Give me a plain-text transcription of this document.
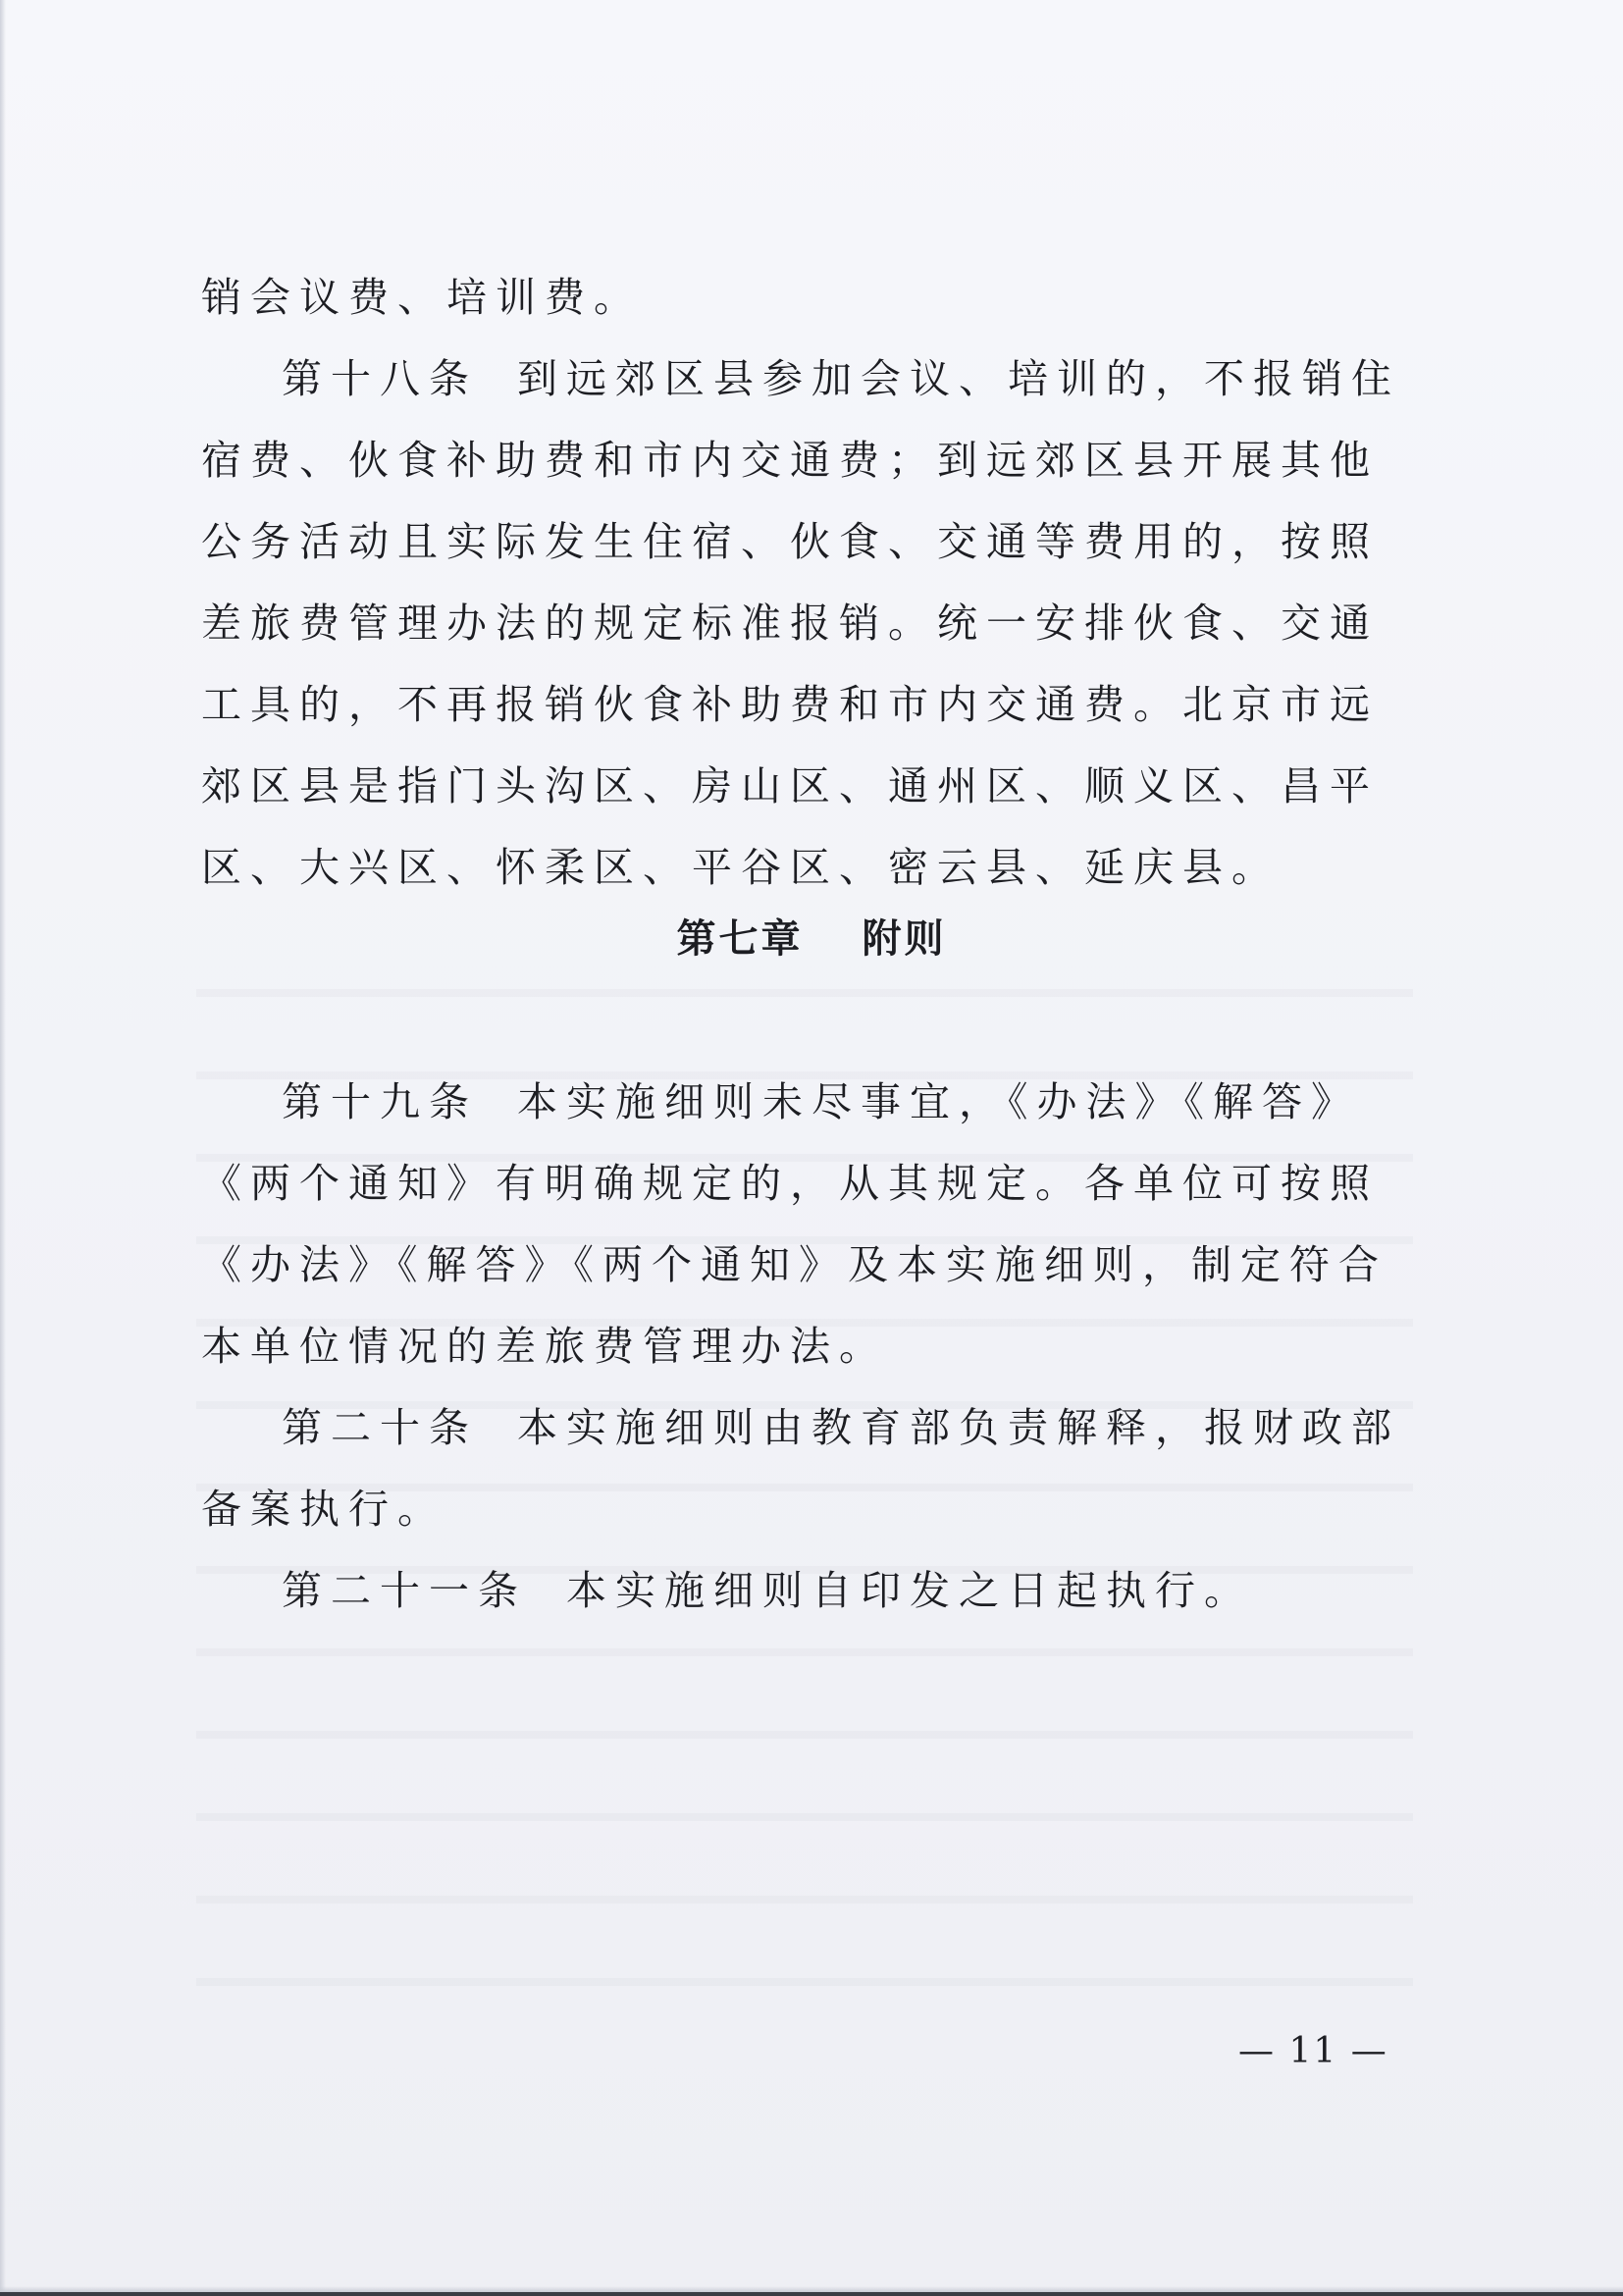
销会议费、培训费。

第十八条 到远郊区县参加会议、培训的，不报销住宿费、伙食补助费和市内交通费；到远郊区县开展其他公务活动且实际发生住宿、伙食、交通等费用的，按照差旅费管理办法的规定标准报销。统一安排伙食、交通工具的，不再报销伙食补助费和市内交通费。北京市远郊区县是指门头沟区、房山区、通州区、顺义区、昌平区、大兴区、怀柔区、平谷区、密云县、延庆县。

第七章 附则

第十九条 本实施细则未尽事宜，《办法》《解答》《两个通知》有明确规定的，从其规定。各单位可按照《办法》《解答》《两个通知》及本实施细则，制定符合本单位情况的差旅费管理办法。

第二十条 本实施细则由教育部负责解释，报财政部备案执行。

第二十一条 本实施细则自印发之日起执行。

— 11 —
